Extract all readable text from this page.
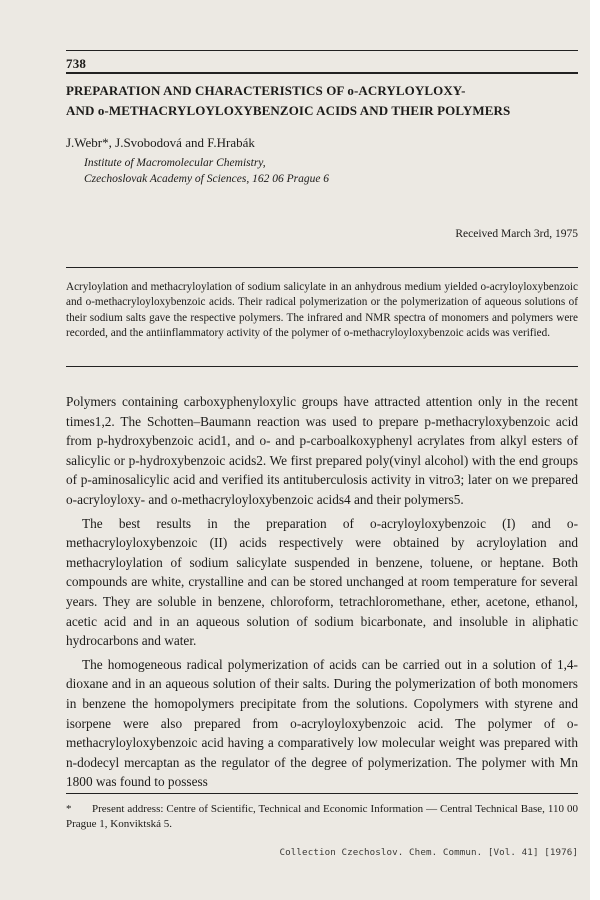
738
PREPARATION AND CHARACTERISTICS OF o-ACRYLOYLOXY-
AND o-METHACRYLOYLOXYBENZOIC ACIDS AND THEIR POLYMERS
J.Webr*, J.Svobodová and F.Hrabák
Institute of Macromolecular Chemistry,
Czechoslovak Academy of Sciences, 162 06 Prague 6
Received March 3rd, 1975

Acryloylation and methacryloylation of sodium salicylate in an anhydrous medium yielded o-acryloyloxybenzoic and o-methacryloyloxybenzoic acids. Their radical polymerization or the polymerization of aqueous solutions of their sodium salts gave the respective polymers. The infrared and NMR spectra of monomers and polymers were recorded, and the antiinflammatory activity of the polymer of o-methacryloyloxybenzoic acids was verified.

Polymers containing carboxyphenyloxylic groups have attracted attention only in the recent times1,2. The Schotten–Baumann reaction was used to prepare p-methacryloxybenzoic acid from p-hydroxybenzoic acid1, and o- and p-carboalkoxyphenyl acrylates from alkyl esters of salicylic or p-hydroxybenzoic acids2. We first prepared poly(vinyl alcohol) with the end groups of p-aminosalicylic acid and verified its antituberculosis activity in vitro3; later on we prepared o-acryloyloxy- and o-methacryloyloxybenzoic acids4 and their polymers5.

The best results in the preparation of o-acryloyloxybenzoic (I) and o-methacryloyloxybenzoic (II) acids respectively were obtained by acryloylation and methacryloylation of sodium salicylate suspended in benzene, toluene, or heptane. Both compounds are white, crystalline and can be stored unchanged at room temperature for several years. They are soluble in benzene, chloroform, tetrachloromethane, ether, acetone, ethanol, acetic acid and in an aqueous solution of sodium bicarbonate, and insoluble in aliphatic hydrocarbons and water.

The homogeneous radical polymerization of acids can be carried out in a solution of 1,4-dioxane and in an aqueous solution of their salts. During the polymerization of both monomers in benzene the homopolymers precipitate from the solutions. Copolymers with styrene and isorpene were also prepared from o-acryloyloxybenzoic acid. The polymer of o-methacryloyloxybenzoic acid having a comparatively low molecular weight was prepared with n-dodecyl mercaptan as the regulator of the degree of polymerization. The polymer with Mn 1800 was found to possess

* Present address: Centre of Scientific, Technical and Economic Information — Central Technical Base, 110 00 Prague 1, Konviktská 5.

Collection Czechoslov. Chem. Commun. [Vol. 41] [1976]
